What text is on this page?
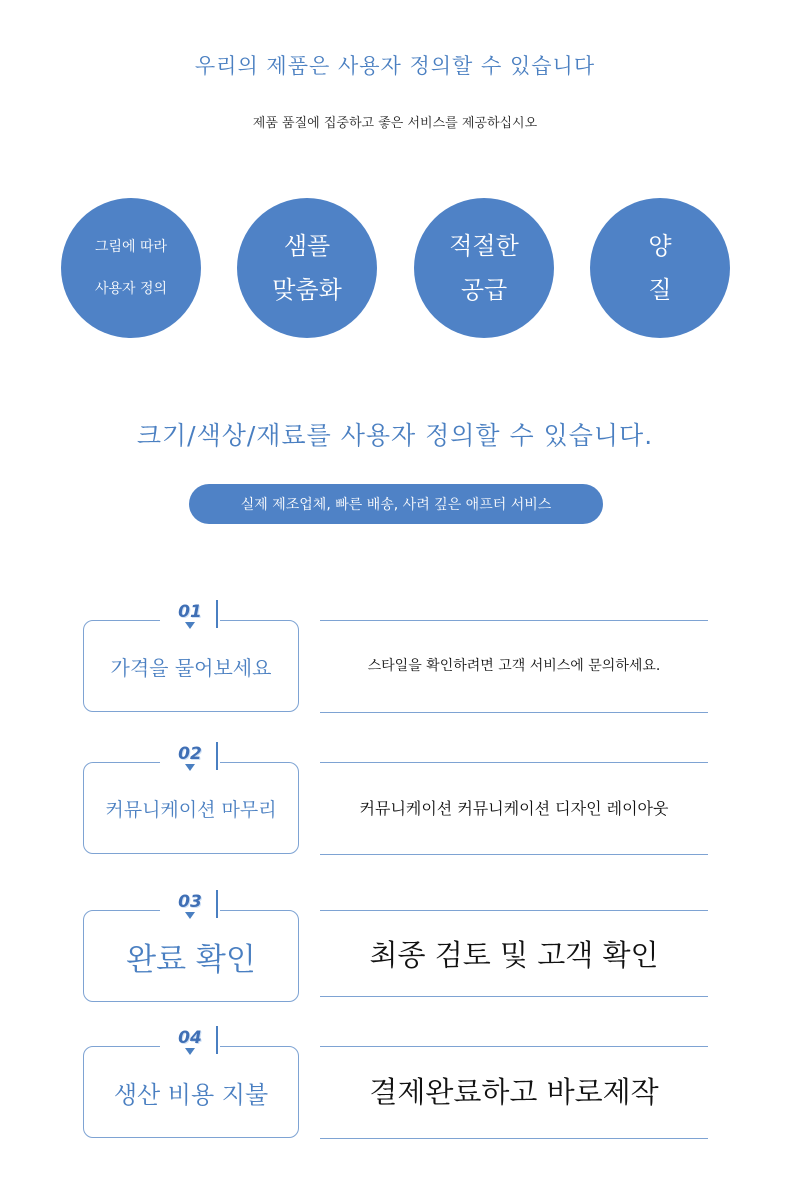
우리의 제품은 사용자 정의할 수 있습니다
제품 품질에 집중하고 좋은 서비스를 제공하십시오
그림에 따라
사용자 정의
샘플
맞춤화
적절한
공급
양
질
크기/색상/재료를 사용자 정의할 수 있습니다.
실제 제조업체, 빠른 배송, 사려 깊은 애프터 서비스
가격을 물어보세요
01
스타일을 확인하려면 고객 서비스에 문의하세요.
커뮤니케이션 마무리
02
커뮤니케이션 커뮤니케이션 디자인 레이아웃
완료 확인
03
최종 검토 및 고객 확인
생산 비용 지불
04
결제완료하고 바로제작
